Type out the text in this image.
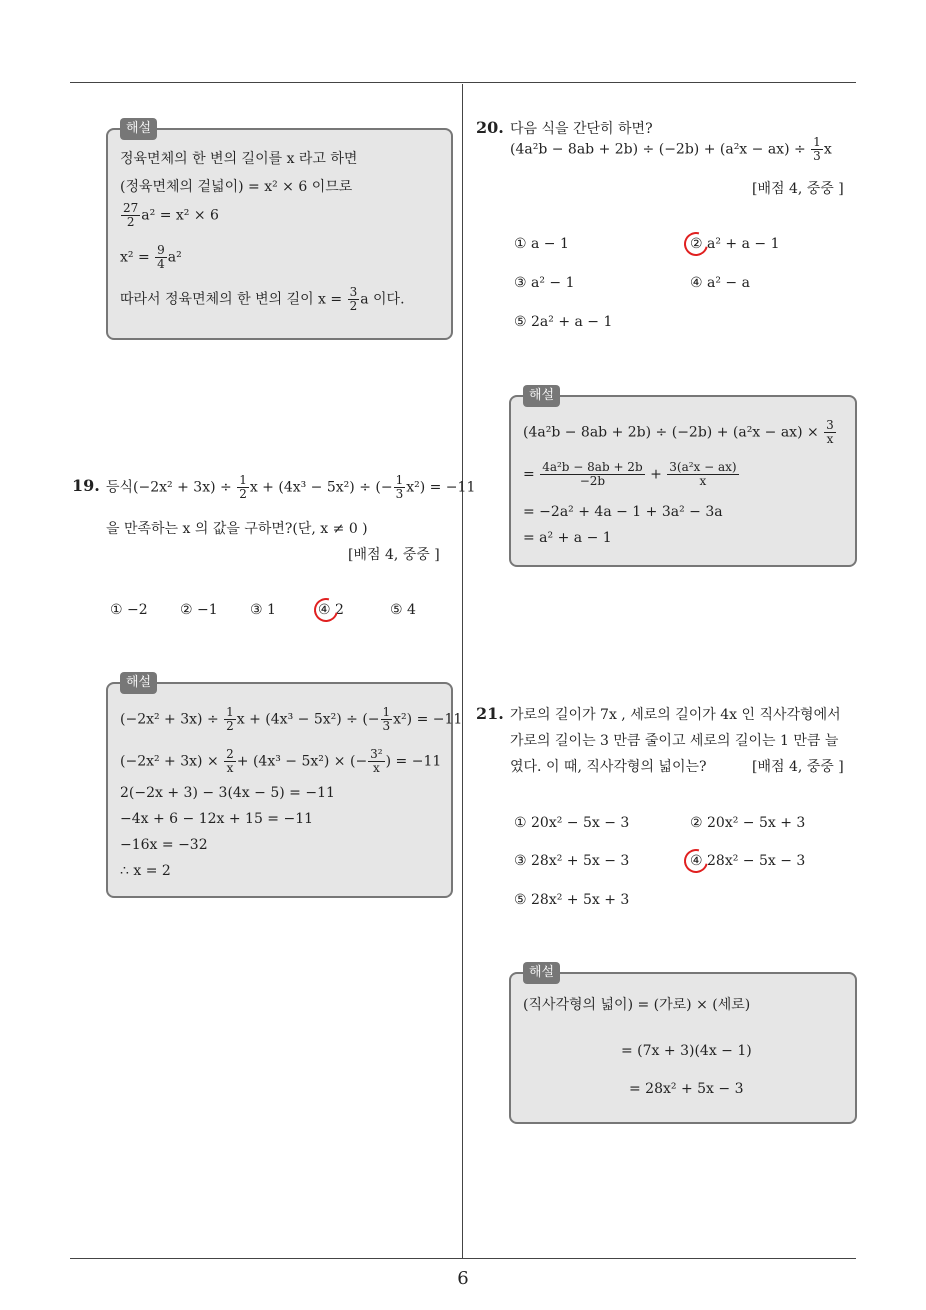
해설
정육면체의 한 변의 길이를 x 라고 하면
(정육면체의 겉넓이) = x² × 6 이므로
$\frac{27}{2} a^2 = x^2 \times 6$
$x^2 = \frac{9}{4} a^2$
따라서 정육면체의 한 변의 길이 $x = \frac{3}{2}$ a 이다.
19. 등식$(-2x^2 + 3x) \div \frac{1}{2}$ x + (4x³ − 5x²) ÷ (− $\frac{1}{3} x^2) = -11$
을 만족하는 x 의 값을 구하면?(단, x ≠ 0 )
[배점 4, 중중 ]
① −2 ② −1 ③ 1	④ 2	⑤ 4
해설
$(-2x^2 + 3x) \div \frac{1}{2}$ x + (4x³ − 5x²) ÷ (− $\frac{1}{3} x^2) = -11$
$(-2x^2 + 3x) \times \frac{2}{x} + (4x^3 - 5x^2)$ × (− $\frac{\text{3²}}{x}$ ) = −11
2(−2x + 3) − 3(4x − 5) = −11
−4x + 6 − 12x + 15 = −11
−16x = −32
∴ x = 2
20. 다음 식을 간단히 하면?
$(4a^2b - 8ab + 2b) \div (-2b) + (a^2x - ax) \div \frac{1}{3}$ x
[배점 4, 중중 ]
① a − 1	② a² + a − 1
③ a² − 1	④ a² − a
⑤ 2a² + a − 1
해설
$(4a^2b - 8ab + 2b) \div (-2b) + (a^2x - ax) \times \frac{3}{x}$
= $\frac{\text{4a²b − 8ab + 2b}}{-2b} + \frac{\text{3(a²x − ax)}}{x}$
= −2a² + 4a − 1 + 3a² − 3a
= a² + a − 1
21. 가로의 길이가 7x , 세로의 길이가 4x 인 직사각형에서
가로의 길이는 3 만큼 줄이고 세로의 길이는 1 만큼 늘
였다. 이 때, 직사각형의 넓이는?	[배점 4, 중중 ]
① 20x² − 5x − 3	② 20x² − 5x + 3
③ 28x² + 5x − 3	④ 28x² − 5x − 3
⑤ 28x² + 5x + 3
해설
(직사각형의 넓이) = (가로) × (세로)
= (7x + 3)(4x − 1)
= 28x² + 5x − 3
6
